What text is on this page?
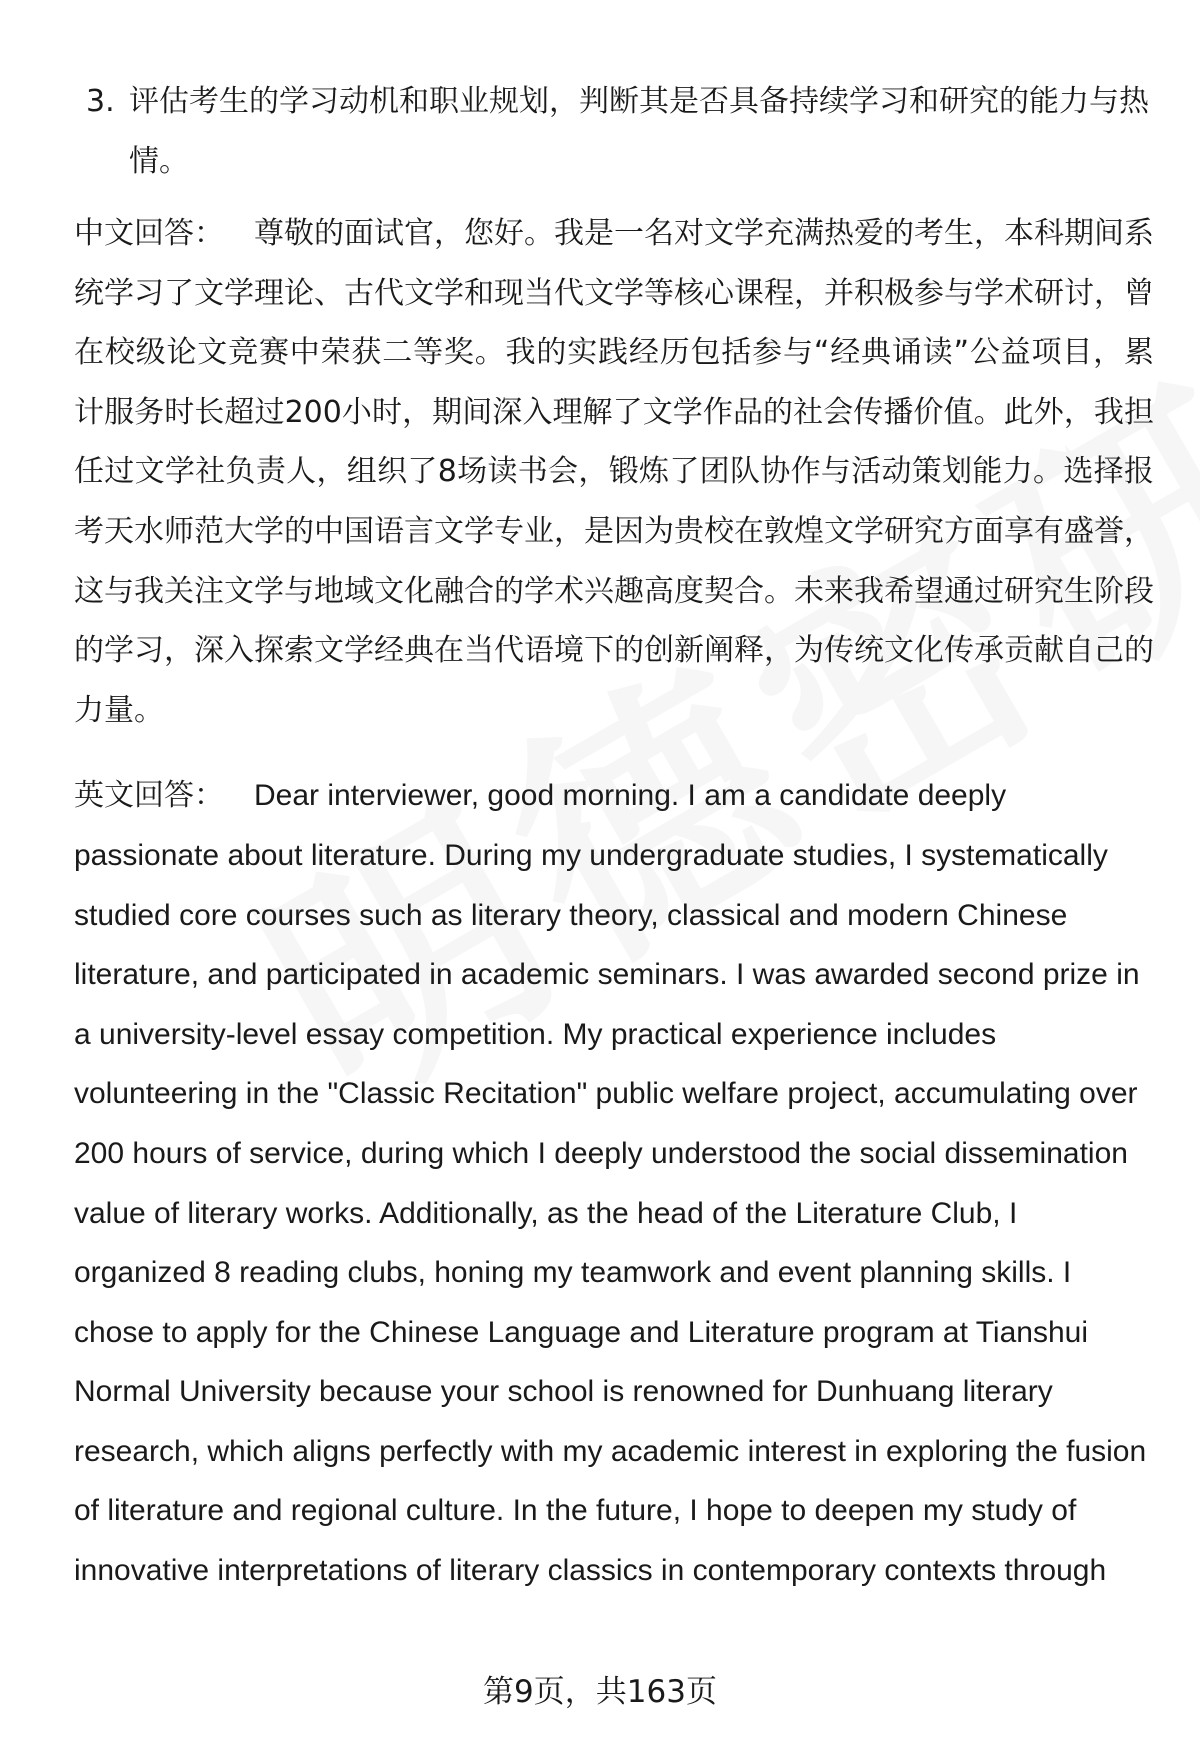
3. 评估考生的学习动机和职业规划，判断其是否具备持续学习和研究的能力与热情。

中文回答： 尊敬的面试官，您好。我是一名对文学充满热爱的考生，本科期间系统学习了文学理论、古代文学和现当代文学等核心课程，并积极参与学术研讨，曾在校级论文竞赛中荣获二等奖。我的实践经历包括参与“经典诵读”公益项目，累计服务时长超过200小时，期间深入理解了文学作品的社会传播价值。此外，我担任过文学社负责人，组织了8场读书会，锻炼了团队协作与活动策划能力。选择报考天水师范大学的中国语言文学专业，是因为贵校在敦煌文学研究方面享有盛誉，这与我关注文学与地域文化融合的学术兴趣高度契合。未来我希望通过研究生阶段的学习，深入探索文学经典在当代语境下的创新阐释，为传统文化传承贡献自己的力量。

英文回答： Dear interviewer, good morning. I am a candidate deeply passionate about literature. During my undergraduate studies, I systematically studied core courses such as literary theory, classical and modern Chinese literature, and participated in academic seminars. I was awarded second prize in a university-level essay competition. My practical experience includes volunteering in the "Classic Recitation" public welfare project, accumulating over 200 hours of service, during which I deeply understood the social dissemination value of literary works. Additionally, as the head of the Literature Club, I organized 8 reading clubs, honing my teamwork and event planning skills. I chose to apply for the Chinese Language and Literature program at Tianshui Normal University because your school is renowned for Dunhuang literary research, which aligns perfectly with my academic interest in exploring the fusion of literature and regional culture. In the future, I hope to deepen my study of innovative interpretations of literary classics in contemporary contexts through

第9页，共163页
